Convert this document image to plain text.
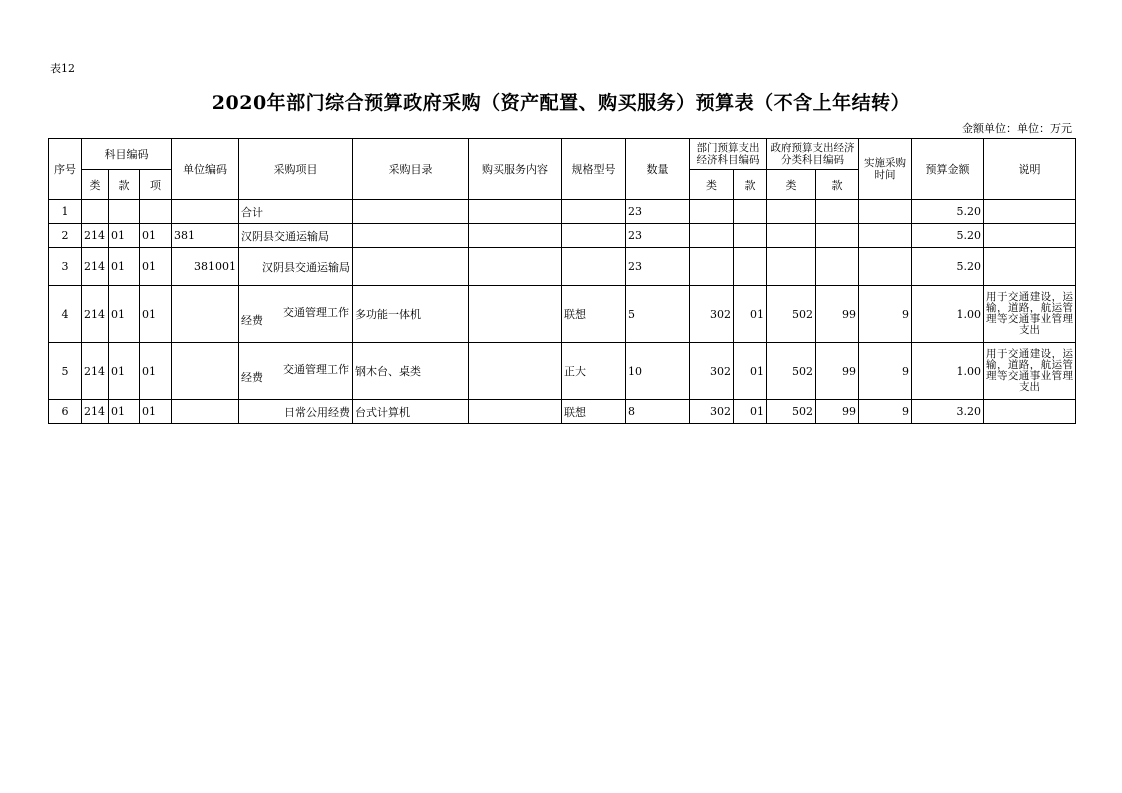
表12
2020年部门综合预算政府采购（资产配置、购买服务）预算表（不含上年结转）
金额单位：单位：万元
序号	科目编码			单位编码	采购项目	采购目录	购买服务内容	规格型号	数量	部门预算支出经济科目编码		政府预算支出经济分类科目编码		实施采购时间	预算金额	说明
	类	款	项							类	款	类	款			
1					合计				23						5.20	
2	214	01	01	381	汉阴县交通运输局				23						5.20	
3	214	01	01	381001	汉阴县交通运输局				23						5.20	
4	214	01	01		交通管理工作
经费	多功能一体机		联想	5	302	01	502	99	9	1.00	用于交通建设，运输，道路，航运管理等交通事业管理支出
5	214	01	01		交通管理工作
经费	钢木台、桌类		正大	10	302	01	502	99	9	1.00	用于交通建设，运输，道路，航运管理等交通事业管理支出
6	214	01	01		日常公用经费	台式计算机		联想	8	302	01	502	99	9	3.20	
